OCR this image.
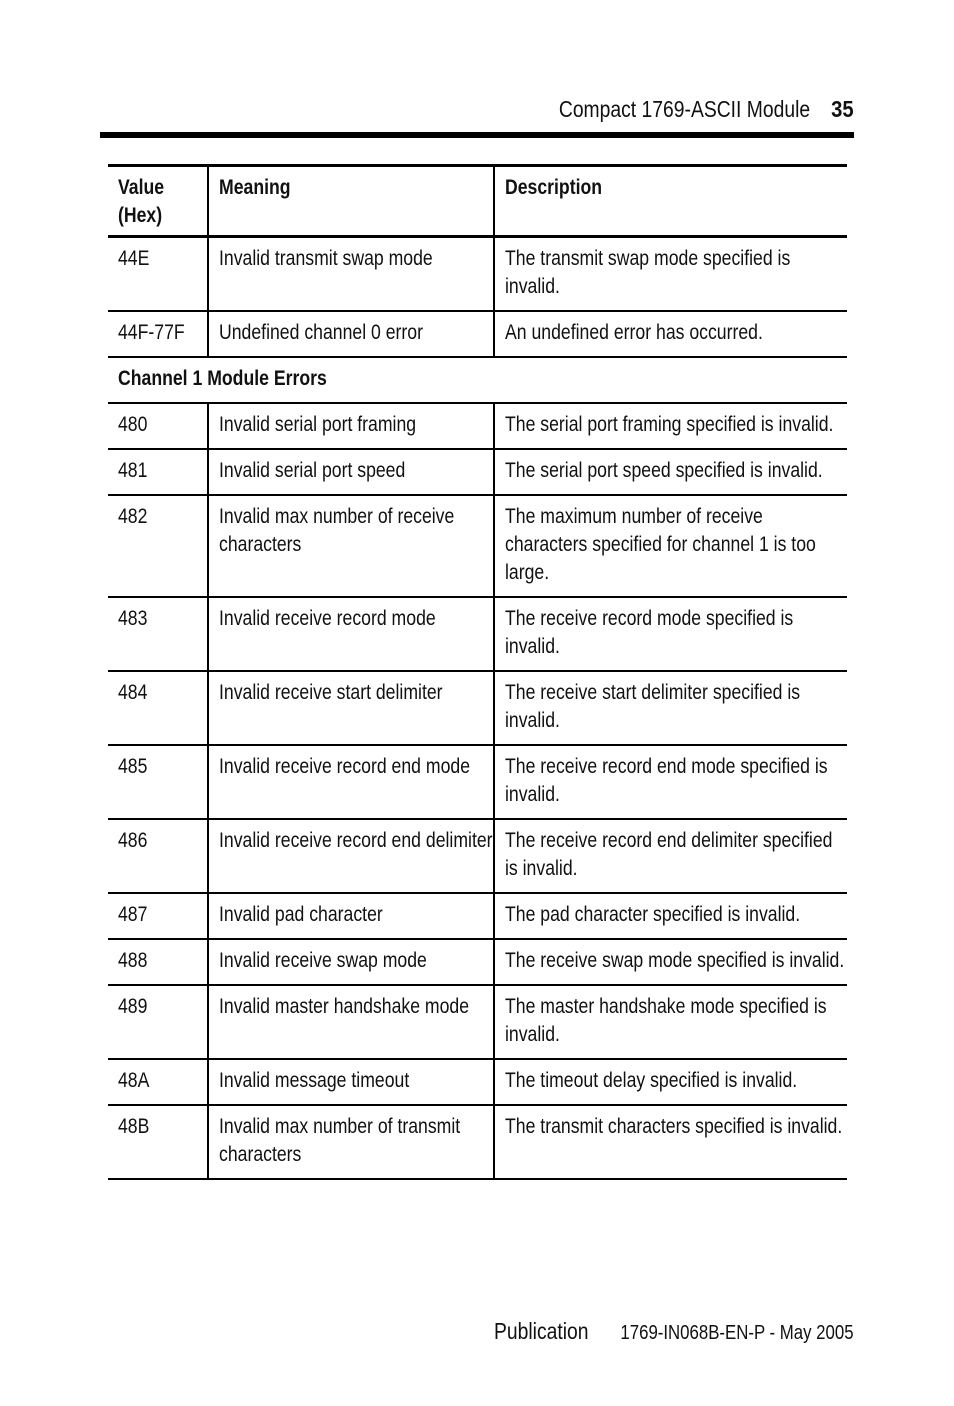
Compact 1769-ASCII Module 35
Value (Hex)	Meaning	Description

44E	Invalid transmit swap mode	The transmit swap mode specified is invalid.

44F-77F	Undefined channel 0 error	An undefined error has occurred.

Channel 1 Module Errors		

480	Invalid serial port framing	The serial port framing specified is invalid.

481	Invalid serial port speed	The serial port speed specified is invalid.

482	Invalid max number of receive characters	The maximum number of receive characters specified for channel 1 is too large.

483	Invalid receive record mode	The receive record mode specified is invalid.

484	Invalid receive start delimiter	The receive start delimiter specified is invalid.

485	Invalid receive record end mode	The receive record end mode specified is invalid.

486	Invalid receive record end delimiter	The receive record end delimiter specified is invalid.

487	Invalid pad character	The pad character specified is invalid.

488	Invalid receive swap mode	The receive swap mode specified is invalid.

489	Invalid master handshake mode	The master handshake mode specified is invalid.

48A	Invalid message timeout	The timeout delay specified is invalid.

48B	Invalid max number of transmit characters	The transmit characters specified is invalid.
Publication 1769-IN068B-EN-P - May 2005
